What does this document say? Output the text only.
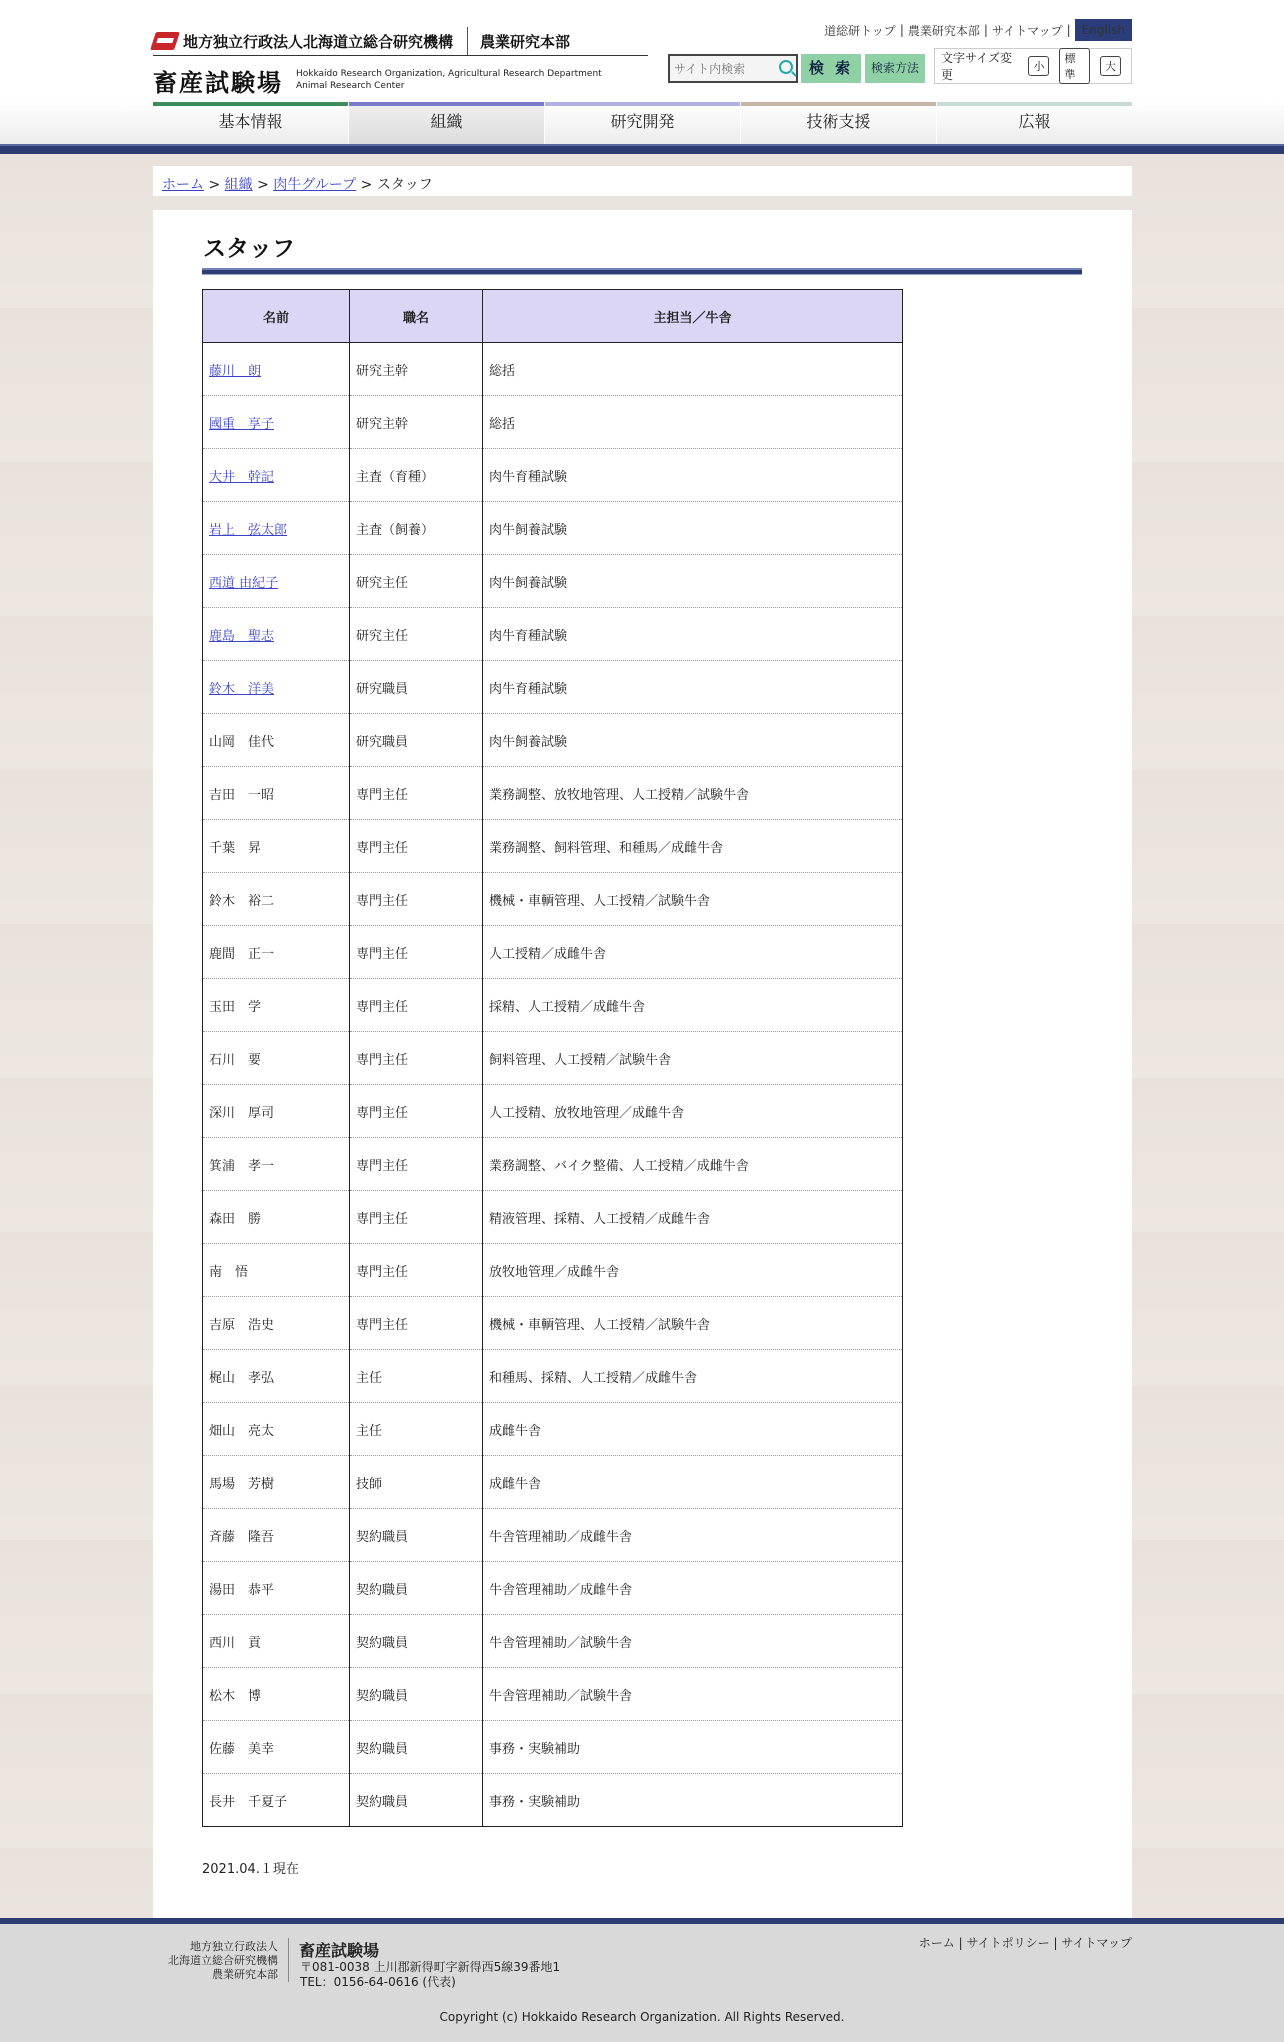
地方独立行政法人北海道立総合研究機構 農業研究本部
畜産試験場 Hokkaido Research Organization, Agricultural Research Department
Animal Research Center
道総研トップ | 農業研究本部 | サイトマップ | English
サイト内検索
検 索	検索方法
文字サイズ変更
小
標準
大
基本情報	組織	研究開発	技術支援	広報
ホーム > 組織 > 肉牛グループ > スタッフ
スタッフ
名前	職名	主担当／牛舎
藤川　朗	研究主幹	総括
國重　享子	研究主幹	総括
大井　幹記	主査（育種）	肉牛育種試験
岩上　弦太郎	主査（飼養）	肉牛飼養試験
西道 由紀子	研究主任	肉牛飼養試験
鹿島　聖志	研究主任	肉牛育種試験
鈴木　洋美	研究職員	肉牛育種試験
山岡　佳代	研究職員	肉牛飼養試験
吉田　一昭	専門主任	業務調整、放牧地管理、人工授精／試験牛舎
千葉　昇	専門主任	業務調整、飼料管理、和種馬／成雌牛舎
鈴木　裕二	専門主任	機械・車輌管理、人工授精／試験牛舎
鹿間　正一	専門主任	人工授精／成雌牛舎
玉田　学	専門主任	採精、人工授精／成雌牛舎
石川　要	専門主任	飼料管理、人工授精／試験牛舎
深川　厚司	専門主任	人工授精、放牧地管理／成雌牛舎
箕浦　孝一	専門主任	業務調整、バイク整備、人工授精／成雌牛舎
森田　勝	専門主任	精液管理、採精、人工授精／成雌牛舎
南　悟	専門主任	放牧地管理／成雌牛舎
吉原　浩史	専門主任	機械・車輌管理、人工授精／試験牛舎
梶山　孝弘	主任	和種馬、採精、人工授精／成雌牛舎
畑山　亮太	主任	成雌牛舎
馬場　芳樹	技師	成雌牛舎
斉藤　隆吾	契約職員	牛舎管理補助／成雌牛舎
湯田　恭平	契約職員	牛舎管理補助／成雌牛舎
西川　貢	契約職員	牛舎管理補助／試験牛舎
松木　博	契約職員	牛舎管理補助／試験牛舎
佐藤　美幸	契約職員	事務・実験補助
長井　千夏子	契約職員	事務・実験補助
2021.04.１現在
地方独立行政法人
北海道立総合研究機構
農業研究本部
畜産試験場
〒081-0038 上川郡新得町字新得西5線39番地1
TEL：0156-64-0616 (代表)
ホーム | サイトポリシー | サイトマップ
Copyright (c) Hokkaido Research Organization. All Rights Reserved.
